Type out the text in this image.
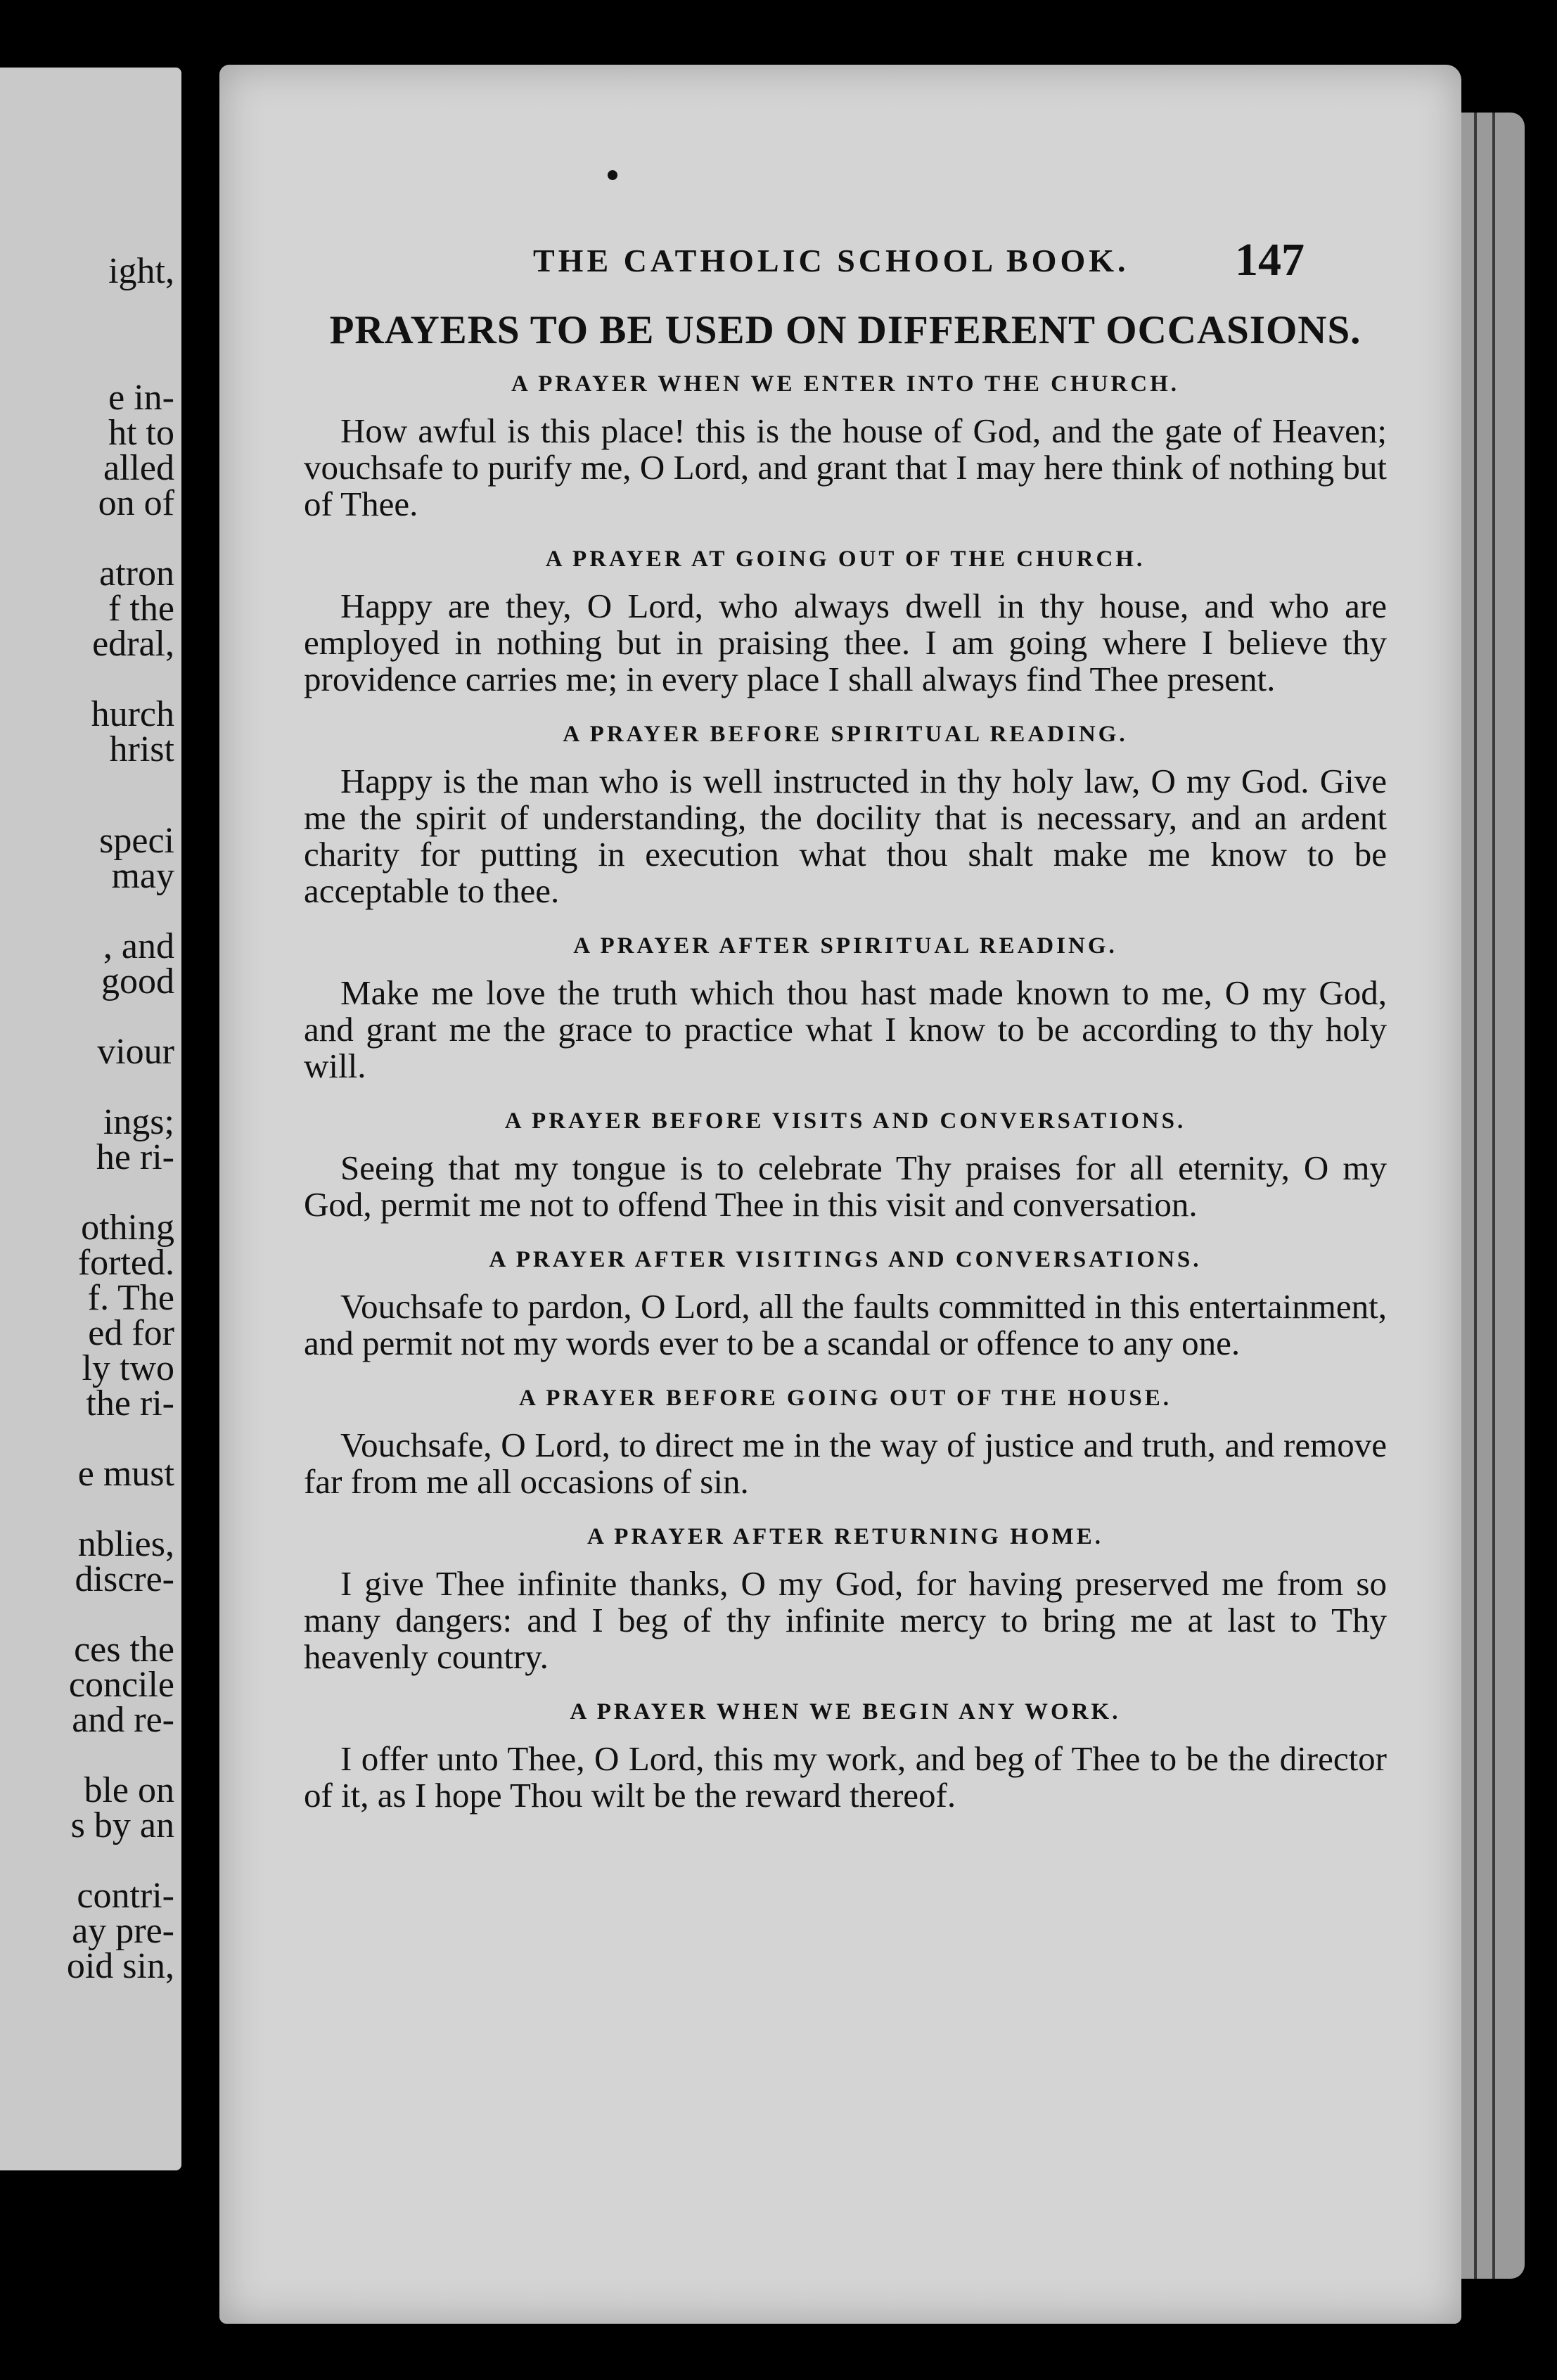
ight,
e in-
ht to
alled
on of
atron
f the
edral,
hurch
hrist
speci
may
, and
good
viour
ings;
he ri-
othing
forted.
f. The
ed for
ly two
the ri-
e must
nblies,
discre-
ces the
concile
and re-
ble on
s by an
contri-
ay pre-
oid sin,
THE CATHOLIC SCHOOL BOOK. 147
PRAYERS TO BE USED ON DIFFERENT OCCASIONS.
A PRAYER WHEN WE ENTER INTO THE CHURCH.

How awful is this place! this is the house of God, and the gate of Heaven; vouchsafe to purify me, O Lord, and grant that I may here think of nothing but of Thee.

A PRAYER AT GOING OUT OF THE CHURCH.

Happy are they, O Lord, who always dwell in thy house, and who are employed in nothing but in praising thee. I am going where I believe thy providence carries me; in every place I shall always find Thee present.

A PRAYER BEFORE SPIRITUAL READING.

Happy is the man who is well instructed in thy holy law, O my God. Give me the spirit of understanding, the docility that is necessary, and an ardent charity for putting in execution what thou shalt make me know to be acceptable to thee.

A PRAYER AFTER SPIRITUAL READING.

Make me love the truth which thou hast made known to me, O my God, and grant me the grace to practice what I know to be according to thy holy will.

A PRAYER BEFORE VISITS AND CONVERSATIONS.

Seeing that my tongue is to celebrate Thy praises for all eternity, O my God, permit me not to offend Thee in this visit and conversation.

A PRAYER AFTER VISITINGS AND CONVERSATIONS.

Vouchsafe to pardon, O Lord, all the faults committed in this entertainment, and permit not my words ever to be a scandal or offence to any one.

A PRAYER BEFORE GOING OUT OF THE HOUSE.

Vouchsafe, O Lord, to direct me in the way of justice and truth, and remove far from me all occasions of sin.

A PRAYER AFTER RETURNING HOME.

I give Thee infinite thanks, O my God, for having preserved me from so many dangers: and I beg of thy infinite mercy to bring me at last to Thy heavenly country.

A PRAYER WHEN WE BEGIN ANY WORK.

I offer unto Thee, O Lord, this my work, and beg of Thee to be the director of it, as I hope Thou wilt be the reward thereof.
